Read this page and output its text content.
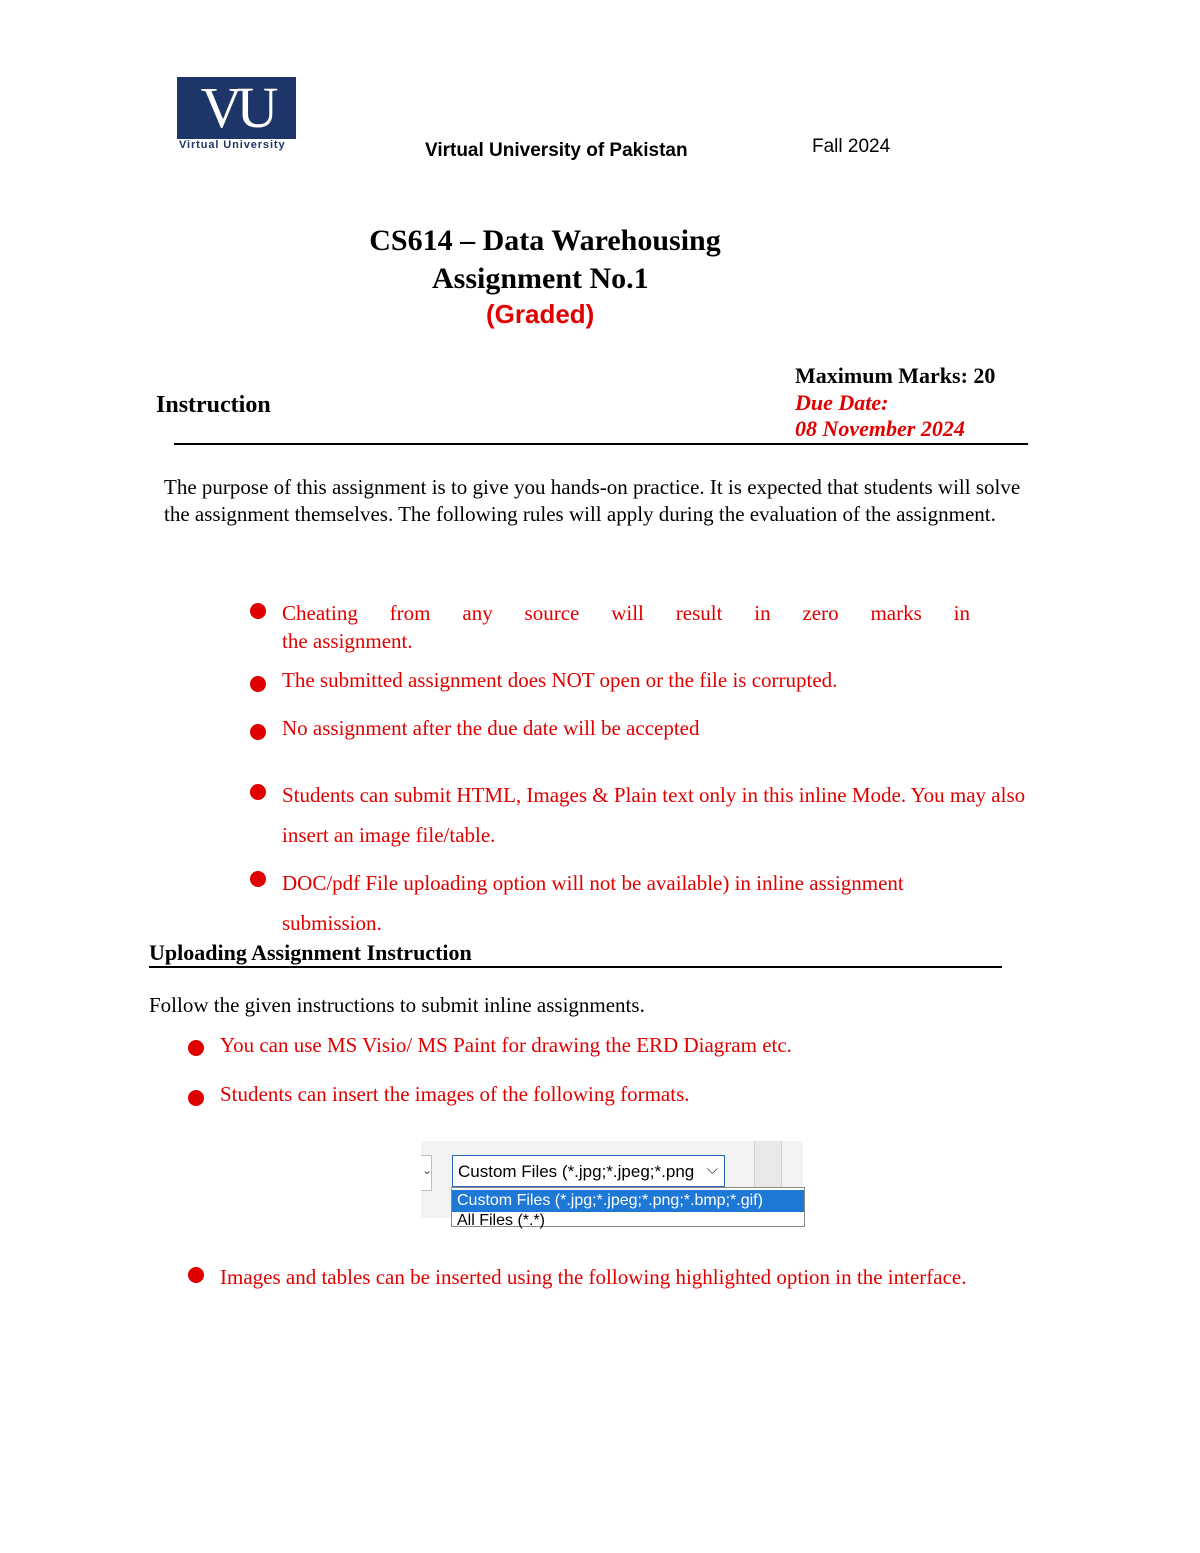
VU
Virtual University	Virtual University of Pakistan	Fall 2024
CS614 – Data Warehousing
Assignment No.1
(Graded)
Instruction
Maximum Marks: 20
Due Date:
08 November 2024
The purpose of this assignment is to give you hands-on practice. It is expected that students will solve the assignment themselves. The following rules will apply during the evaluation of the assignment.
Cheating from any source will result in zero marks in
the assignment.
The submitted assignment does NOT open or the file is corrupted.
No assignment after the due date will be accepted
Students can submit HTML, Images & Plain text only in this inline Mode. You may also insert an image file/table.
DOC/pdf File uploading option will not be available) in inline assignment submission.
Uploading Assignment Instruction
Follow the given instructions to submit inline assignments.
You can use MS Visio/ MS Paint for drawing the ERD Diagram etc.
Students can insert the images of the following formats.
⌄ Custom Files (*.jpg;*.jpeg;*.png ⌵
Custom Files (*.jpg;*.jpeg;*.png;*.bmp;*.gif)
All Files (*.*)
Images and tables can be inserted using the following highlighted option in the interface.
